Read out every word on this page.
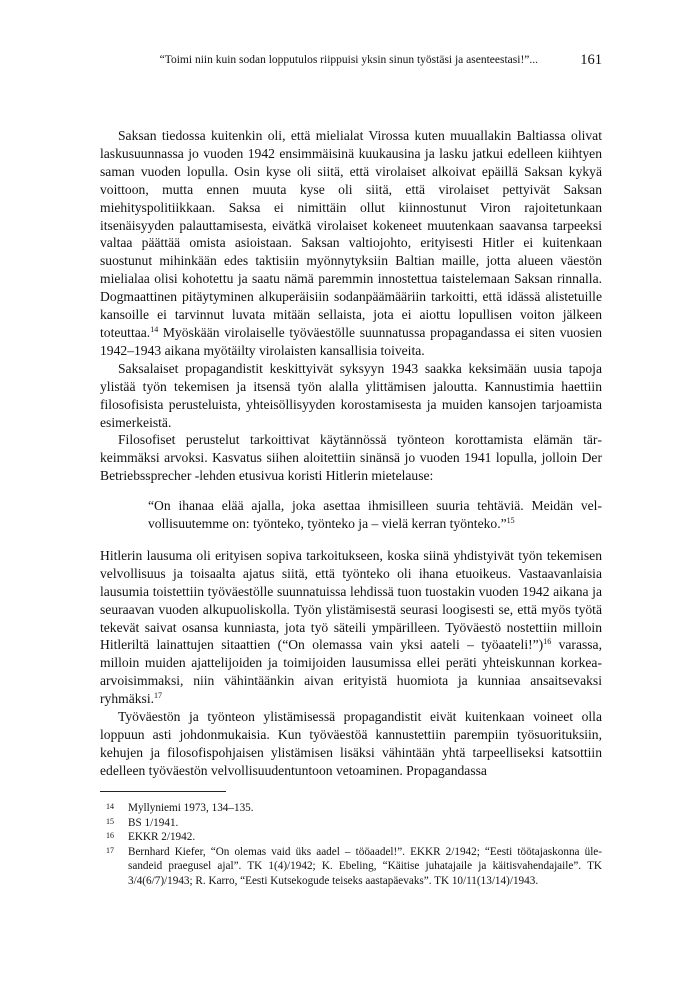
“Toimi niin kuin sodan lopputulos riippuisi yksin sinun työstäsi ja asenteestasi!”...	161

Saksan tiedossa kuitenkin oli, että mielialat Virossa kuten muuallakin Baltiassa olivat laskusuunnassa jo vuoden 1942 ensimmäisinä kuukausina ja lasku jatkui edelleen kiihtyen saman vuoden lopulla. Osin kyse oli siitä, että virolaiset alkoivat epäillä Saksan kykyä voittoon, mutta ennen muuta kyse oli siitä, että virolaiset pettyivät Saksan miehityspolitiikkaan. Saksa ei nimittäin ollut kiinnostunut Viron rajoitetunkaan itsenäisyyden palauttamisesta, eivätkä virolaiset kokeneet muutenkaan saavansa tarpeeksi valtaa päättää omista asioistaan. Saksan valtiojohto, erityisesti Hitler ei kuitenkaan suostunut mihinkään edes taktisiin myönnytyksiin Baltian maille, jotta alueen väestön mielialaa olisi kohotettu ja saatu nämä paremmin innostettua taistelemaan Saksan rinnalla. Dogmaattinen pitäytyminen alkuperäisiin sodanpäämääriin tarkoitti, että idässä alistetuille kansoille ei tarvinnut luvata mitään sellaista, jota ei aiottu lopullisen voiton jälkeen toteuttaa.$^{14}$ Myöskään virolaiselle työväestölle suunnatussa propagandassa ei siten vuosien 1942–1943 aikana myötäilty virolaisten kansallisia toiveita.

Saksalaiset propagandistit keskittyivät syksyyn 1943 saakka keksimään uusia tapoja ylistää työn tekemisen ja itsensä työn alalla ylittämisen jaloutta. Kannustimia haettiin filosofisista perusteluista, yhteisöllisyyden korostamisesta ja muiden kansojen tarjoamista esimerkeistä.

Filosofiset perustelut tarkoittivat käytännössä työnteon korottamista elämän tärkeimmäksi arvoksi. Kasvatus siihen aloitettiin sinänsä jo vuoden 1941 lopulla, jolloin Der Betriebssprecher -lehden etusivua koristi Hitlerin mietelause:

“On ihanaa elää ajalla, joka asettaa ihmisilleen suuria tehtäviä. Meidän velvollisuutemme on: työnteko, työnteko ja – vielä kerran työnteko.”$^{15}$

Hitlerin lausuma oli erityisen sopiva tarkoitukseen, koska siinä yhdistyivät työn tekemisen velvollisuus ja toisaalta ajatus siitä, että työnteko oli ihana etuoikeus. Vastaavanlaisia lausumia toistettiin työväestölle suunnatuissa lehdissä tuon tuostakin vuoden 1942 aikana ja seuraavan vuoden alkupuoliskolla. Työn ylistämisestä seurasi loogisesti se, että myös työtä tekevät saivat osansa kunniasta, jota työ säteili ympärilleen. Työväestö nostettiin milloin Hitleriltä lainattujen sitaattien (“On olemassa vain yksi aateli – työaateli!”)$^{16}$ varassa, milloin muiden ajattelijoiden ja toimijoiden lausumissa ellei peräti yhteiskunnan korkea-arvoisimmaksi, niin vähintäänkin aivan erityistä huomiota ja kunniaa ansaitsevaksi ryhmäksi.$^{17}$

Työväestön ja työnteon ylistämisessä propagandistit eivät kuitenkaan voineet olla loppuun asti johdonmukaisia. Kun työväestöä kannustettiin parempiin työsuorituksiin, kehujen ja filosofispohjaisen ylistämisen lisäksi vähintään yhtä tarpeelliseksi katsottiin edelleen työväestön velvollisuudentuntoon vetoaminen. Propagandassa

14	Myllyniemi 1973, 134–135.
15	BS 1/1941.
16	EKKR 2/1942.
17	Bernhard Kiefer, “On olemas vaid üks aadel – tööaadel!”. EKKR 2/1942; “Eesti töötajaskonna ülesandeid praegusel ajal”. TK 1(4)/1942; K. Ebeling, “Käitise juhatajaile ja käitisvahendajaile”. TK 3/4(6/7)/1943; R. Karro, “Eesti Kutsekogude teiseks aastapäevaks”. TK 10/11(13/14)/1943.
